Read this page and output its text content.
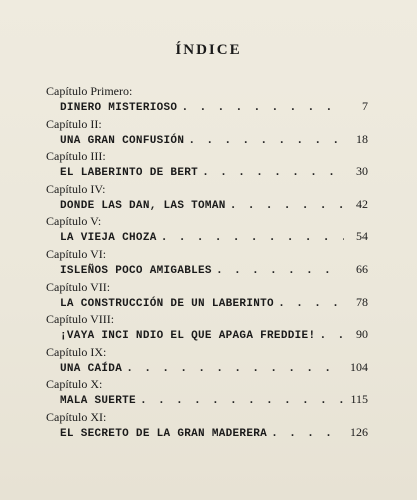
ÍNDICE
Capítulo Primero:
DINERO MISTERIOSO . . .	7
Capítulo II:
UNA GRAN CONFUSIÓN . . .	18
Capítulo III:
EL LABERINTO DE BERT . . .	30
Capítulo IV:
DONDE LAS DAN, LAS TOMAN . . .	42
Capítulo V:
LA VIEJA CHOZA . . .	54
Capítulo VI:
ISLEÑOS POCO AMIGABLES . . .	66
Capítulo VII:
LA CONSTRUCCIÓN DE UN LABERINTO . . .	78
Capítulo VIII:
¡VAYA INCI NDIO EL QUE APAGA FREDDIE! . . .	90
Capítulo IX:
UNA CAÍDA . . .	104
Capítulo X:
MALA SUERTE . . .	115
Capítulo XI:
EL SECRETO DE LA GRAN MADERERA . . .	126
